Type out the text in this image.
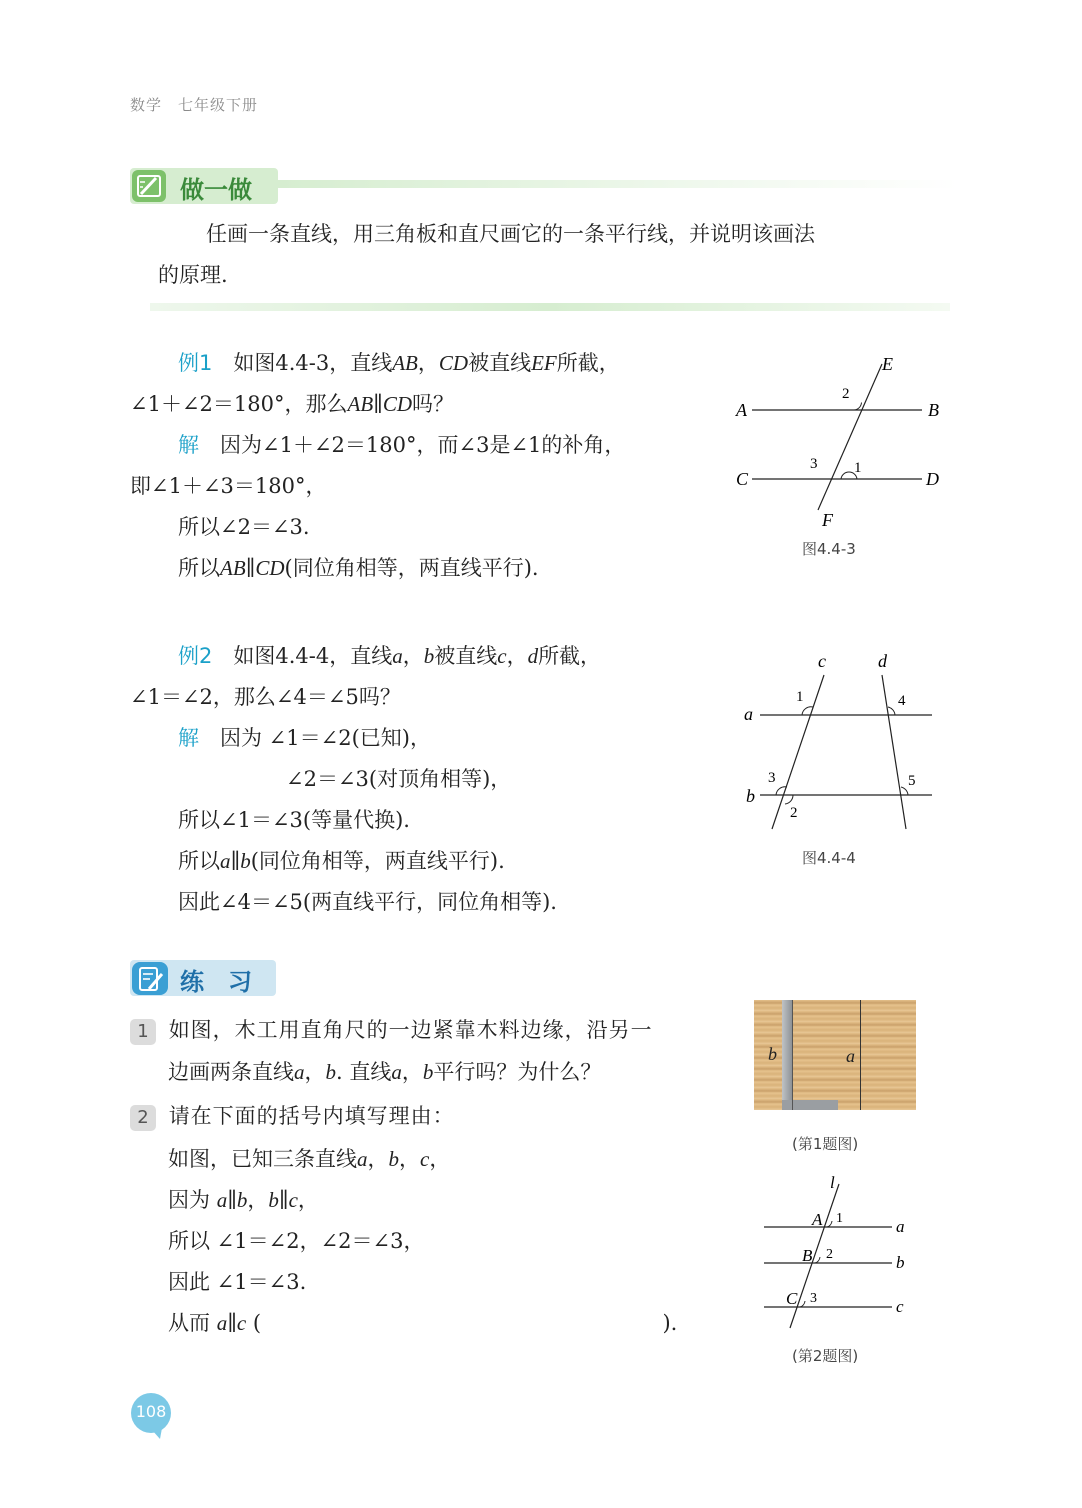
数学 七年级下册
做一做
任画一条直线，用三角板和直尺画它的一条平行线，并说明该画法
的原理.
例1　 如图4.4-3，直线AB，CD被直线EF所截，
∠1＋∠2＝180°，那么AB∥CD吗？
解　 因为∠1＋∠2＝180°，而∠3是∠1的补角，
即∠1＋∠3＝180°，
所以∠2＝∠3.
所以AB∥CD(同位角相等，两直线平行).
E
F
A	B
C	D
2
1
3
图4.4-3
例2　 如图4.4-4，直线a，b被直线c，d所截，
∠1＝∠2，那么∠4＝∠5吗？
解　 因为 ∠1＝∠2(已知)，
∠2＝∠3(对顶角相等)，
所以∠1＝∠3(等量代换).
所以a∥b(同位角相等，两直线平行).
因此∠4＝∠5(两直线平行，同位角相等).
c	d
a
b
1	4
3
2
5
图4.4-4
练　习
1 如图，木工用直角尺的一边紧靠木料边缘，沿另一
边画两条直线a，b. 直线a，b平行吗？为什么？
b	a
(第1题图)
2 请在下面的括号内填写理由：
如图，已知三条直线a，b，c，
因为 a∥b，b∥c，
所以 ∠1＝∠2，∠2＝∠3，
因此 ∠1＝∠3.
从而 a∥c (	).
l
A
B
C
1
2
3
a
b
c
(第2题图)
108
